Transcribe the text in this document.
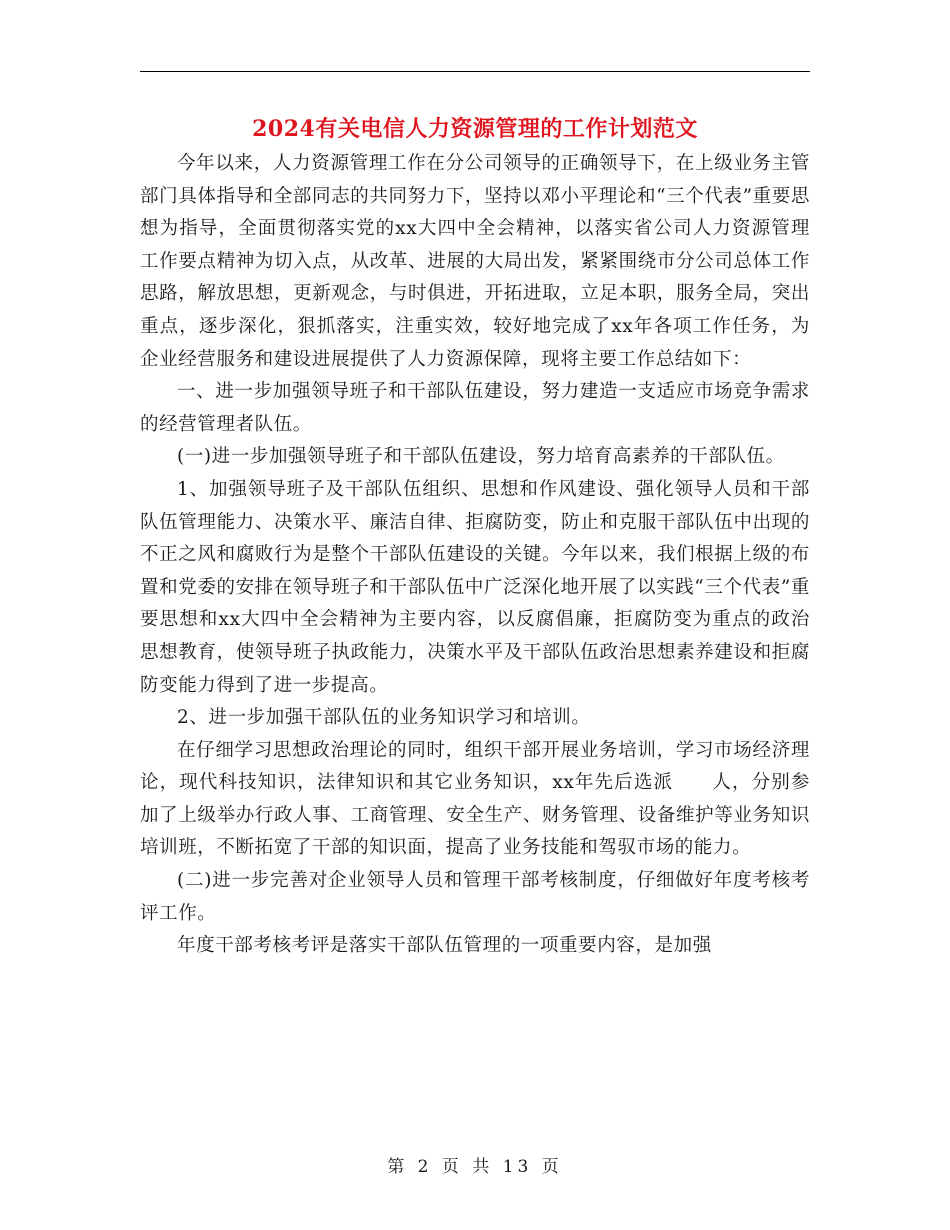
2024有关电信人力资源管理的工作计划范文

今年以来，人力资源管理工作在分公司领导的正确领导下，在上级业务主管部门具体指导和全部同志的共同努力下，坚持以邓小平理论和“三个代表”重要思想为指导，全面贯彻落实党的xx大四中全会精神，以落实省公司人力资源管理工作要点精神为切入点，从改革、进展的大局出发，紧紧围绕市分公司总体工作思路，解放思想，更新观念，与时俱进，开拓进取，立足本职，服务全局，突出重点，逐步深化，狠抓落实，注重实效，较好地完成了xx年各项工作任务，为企业经营服务和建设进展提供了人力资源保障，现将主要工作总结如下：

一、进一步加强领导班子和干部队伍建设，努力建造一支适应市场竞争需求的经营管理者队伍。

(一)进一步加强领导班子和干部队伍建设，努力培育高素养的干部队伍。

1、加强领导班子及干部队伍组织、思想和作风建设、强化领导人员和干部队伍管理能力、决策水平、廉洁自律、拒腐防变，防止和克服干部队伍中出现的不正之风和腐败行为是整个干部队伍建设的关键。今年以来，我们根据上级的布置和党委的安排在领导班子和干部队伍中广泛深化地开展了以实践“三个代表”重要思想和xx大四中全会精神为主要内容，以反腐倡廉，拒腐防变为重点的政治思想教育，使领导班子执政能力，决策水平及干部队伍政治思想素养建设和拒腐防变能力得到了进一步提高。

2、进一步加强干部队伍的业务知识学习和培训。

在仔细学习思想政治理论的同时，组织干部开展业务培训，学习市场经济理论，现代科技知识，法律知识和其它业务知识，xx年先后选派　　人，分别参加了上级举办行政人事、工商管理、安全生产、财务管理、设备维护等业务知识培训班，不断拓宽了干部的知识面，提高了业务技能和驾驭市场的能力。

(二)进一步完善对企业领导人员和管理干部考核制度，仔细做好年度考核考评工作。

年度干部考核考评是落实干部队伍管理的一项重要内容，是加强

第 2 页 共 13 页
